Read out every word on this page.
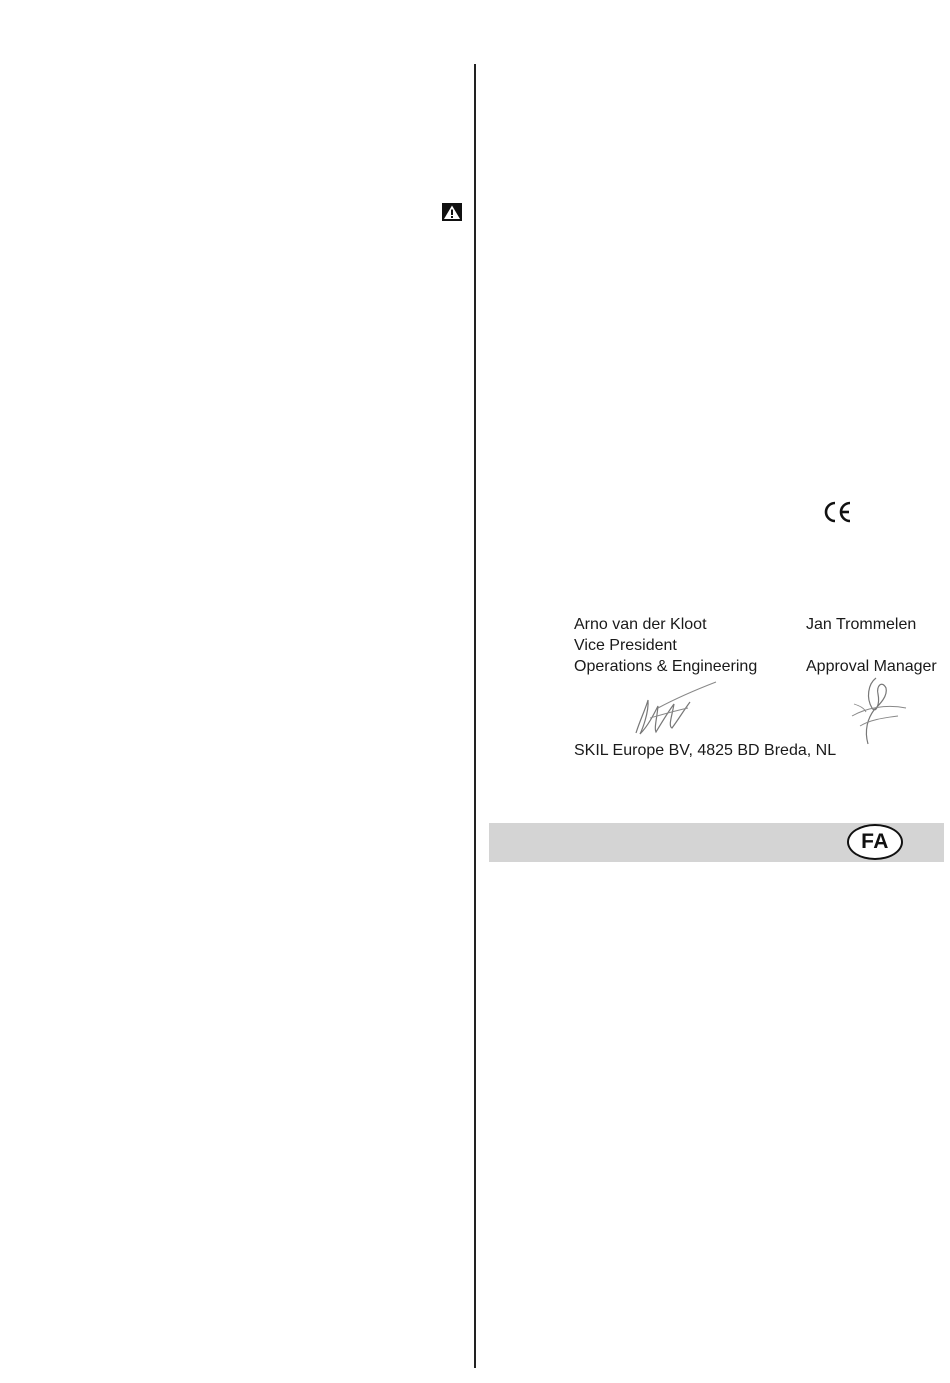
Arno van der Kloot
Vice President
Operations & Engineering
Jan Trommelen
Approval Manager
SKIL Europe BV, 4825 BD Breda, NL
FA
